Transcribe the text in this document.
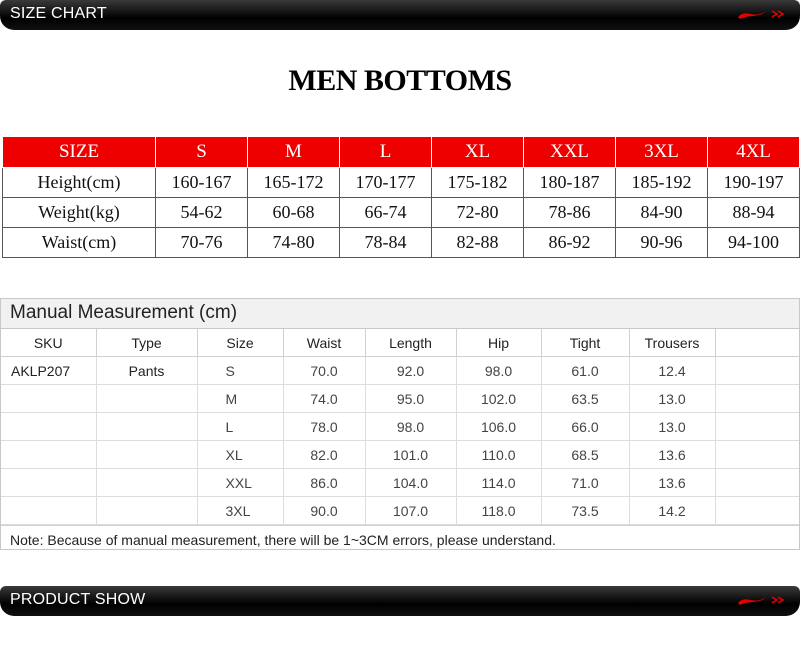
SIZE CHART
MEN BOTTOMS
SIZE	S	M	L	XL	XXL	3XL	4XL
Height(cm)	160-167	165-172	170-177	175-182	180-187	185-192	190-197
Weight(kg)	54-62	60-68	66-74	72-80	78-86	84-90	88-94
Waist(cm)	70-76	74-80	78-84	82-88	86-92	90-96	94-100
Manual Measurement (cm)
SKU	Type	Size	Waist	Length	Hip	Tight	Trousers	
AKLP207	Pants	S	70.0	92.0	98.0	61.0	12.4	
		M	74.0	95.0	102.0	63.5	13.0	
		L	78.0	98.0	106.0	66.0	13.0	
		XL	82.0	101.0	110.0	68.5	13.6	
		XXL	86.0	104.0	114.0	71.0	13.6	
		3XL	90.0	107.0	118.0	73.5	14.2	
Note: Because of manual measurement, there will be 1~3CM errors, please understand.
PRODUCT SHOW
